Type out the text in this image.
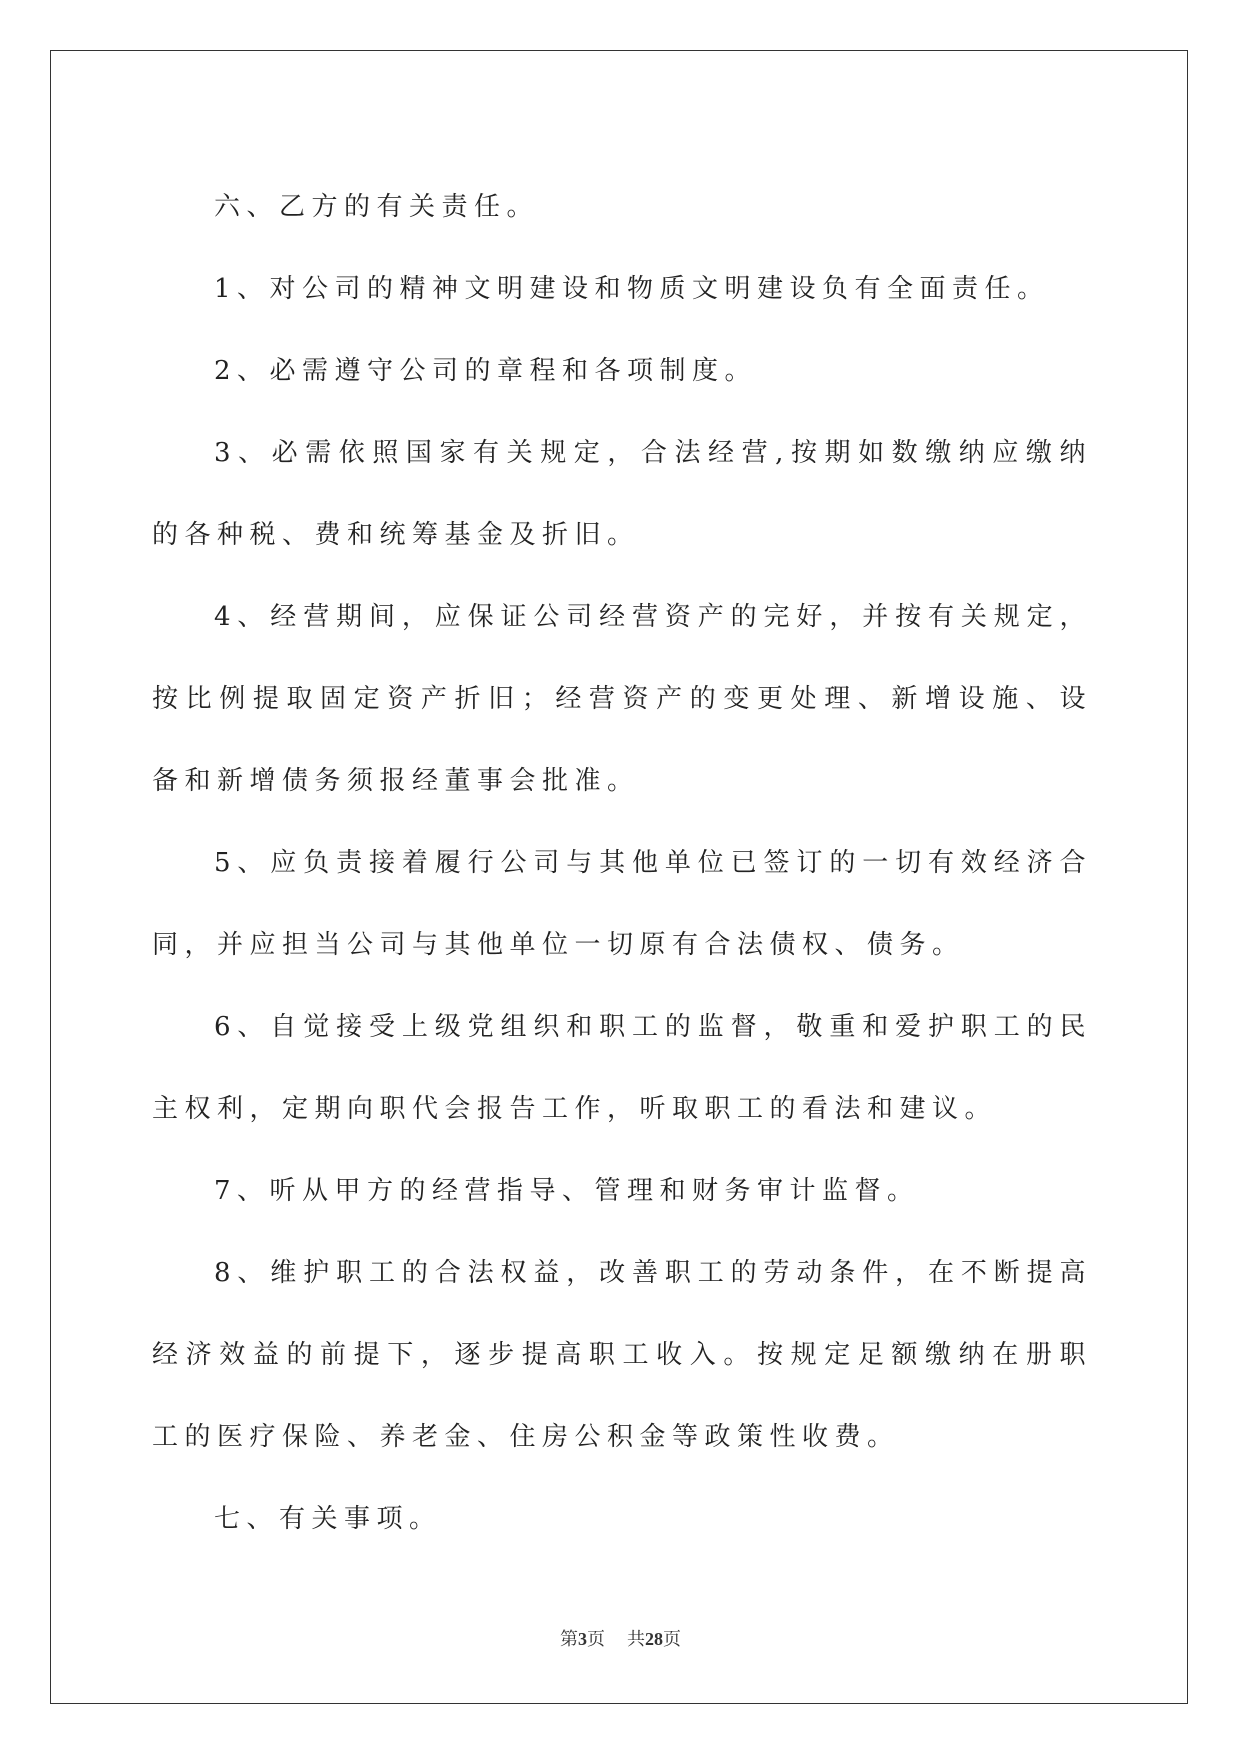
六、乙方的有关责任。

1、对公司的精神文明建设和物质文明建设负有全面责任。

2、必需遵守公司的章程和各项制度。

3、必需依照国家有关规定，合法经营,按期如数缴纳应缴纳的各种税、费和统筹基金及折旧。

4、经营期间，应保证公司经营资产的完好，并按有关规定，按比例提取固定资产折旧；经营资产的变更处理、新增设施、设备和新增债务须报经董事会批准。

5、应负责接着履行公司与其他单位已签订的一切有效经济合同，并应担当公司与其他单位一切原有合法债权、债务。

6、自觉接受上级党组织和职工的监督，敬重和爱护职工的民主权利，定期向职代会报告工作，听取职工的看法和建议。

7、听从甲方的经营指导、管理和财务审计监督。

8、维护职工的合法权益，改善职工的劳动条件，在不断提高经济效益的前提下，逐步提高职工收入。按规定足额缴纳在册职工的医疗保险、养老金、住房公积金等政策性收费。

七、有关事项。

第3页 共28页
